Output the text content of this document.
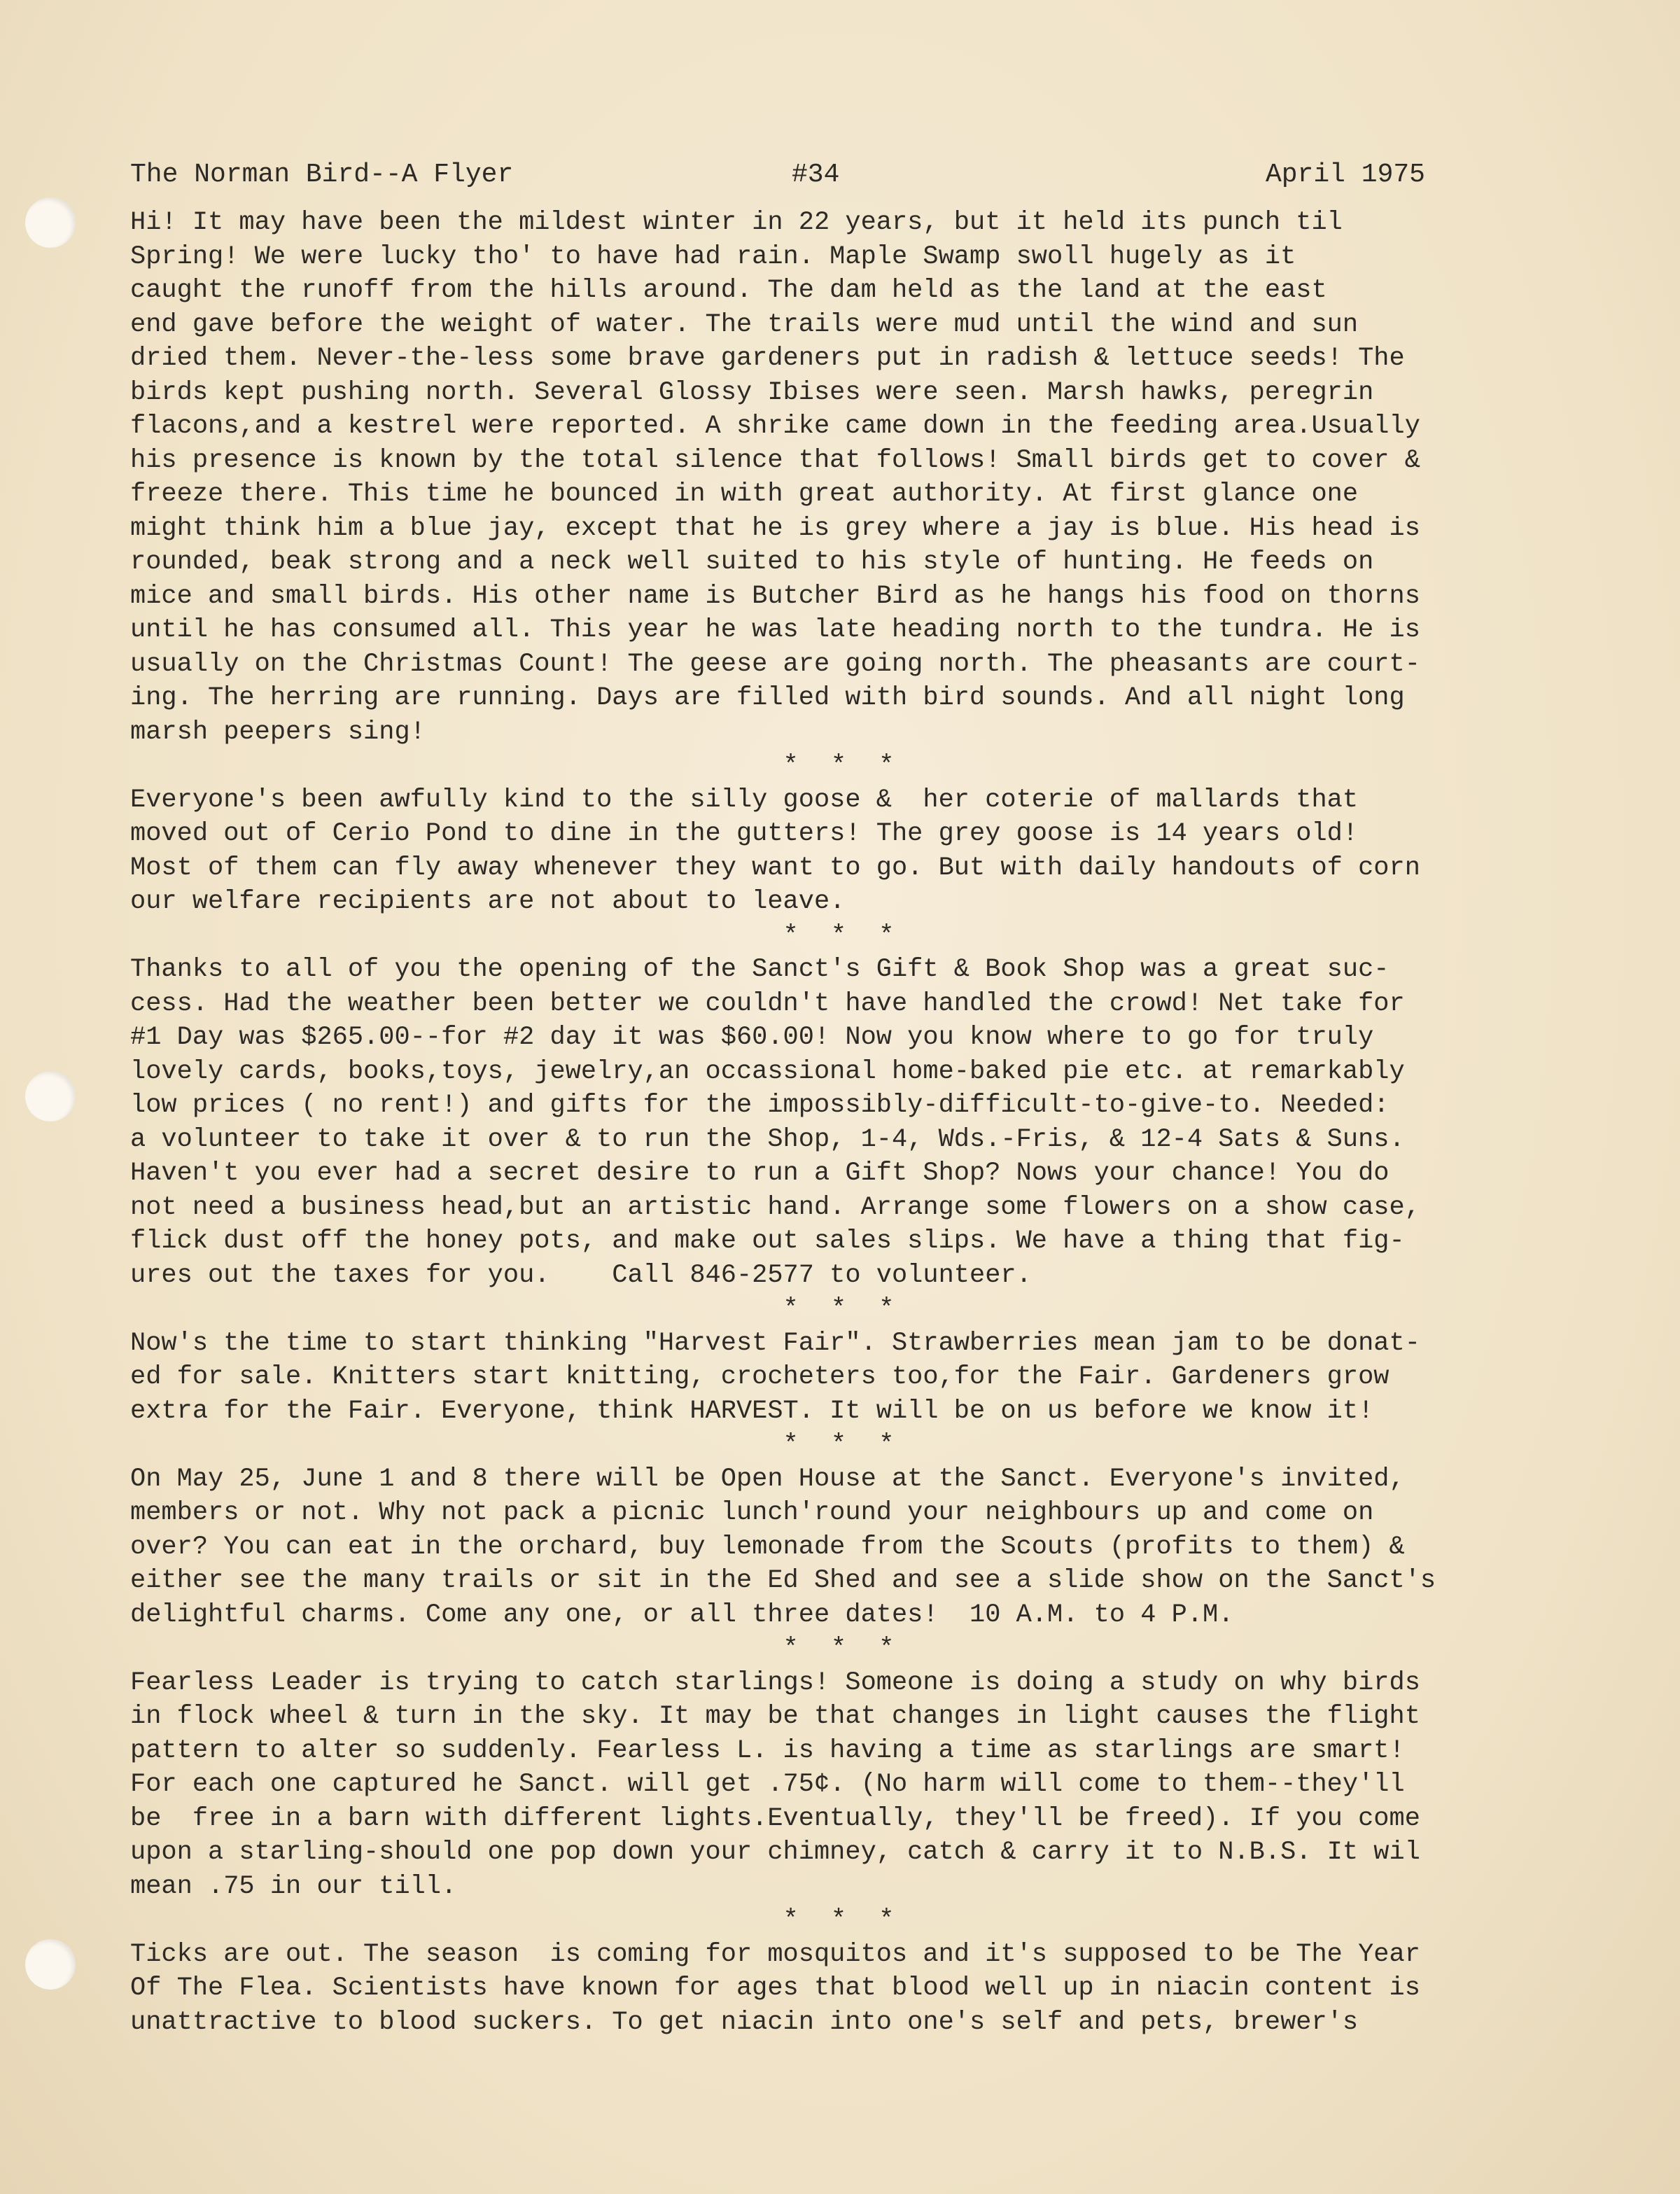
The Norman Bird--A Flyer	#34	April 1975
Hi! It may have been the mildest winter in 22 years, but it held its punch til
Spring! We were lucky tho' to have had rain. Maple Swamp swoll hugely as it
caught the runoff from the hills around. The dam held as the land at the east
end gave before the weight of water. The trails were mud until the wind and sun
dried them. Never-the-less some brave gardeners put in radish & lettuce seeds! The
birds kept pushing north. Several Glossy Ibises were seen. Marsh hawks, peregrin
flacons,and a kestrel were reported. A shrike came down in the feeding area.Usually
his presence is known by the total silence that follows! Small birds get to cover &
freeze there. This time he bounced in with great authority. At first glance one
might think him a blue jay, except that he is grey where a jay is blue. His head is
rounded, beak strong and a neck well suited to his style of hunting. He feeds on
mice and small birds. His other name is Butcher Bird as he hangs his food on thorns
until he has consumed all. This year he was late heading north to the tundra. He is
usually on the Christmas Count! The geese are going north. The pheasants are court-
ing. The herring are running. Days are filled with bird sounds. And all night long
marsh peepers sing!
* * *
Everyone's been awfully kind to the silly goose &  her coterie of mallards that
moved out of Cerio Pond to dine in the gutters! The grey goose is 14 years old!
Most of them can fly away whenever they want to go. But with daily handouts of corn
our welfare recipients are not about to leave.
* * *
Thanks to all of you the opening of the Sanct's Gift & Book Shop was a great suc-
cess. Had the weather been better we couldn't have handled the crowd! Net take for
#1 Day was $265.00--for #2 day it was $60.00! Now you know where to go for truly
lovely cards, books,toys, jewelry,an occassional home-baked pie etc. at remarkably
low prices ( no rent!) and gifts for the impossibly-difficult-to-give-to. Needed:
a volunteer to take it over & to run the Shop, 1-4, Wds.-Fris, & 12-4 Sats & Suns.
Haven't you ever had a secret desire to run a Gift Shop? Nows your chance! You do
not need a business head,but an artistic hand. Arrange some flowers on a show case,
flick dust off the honey pots, and make out sales slips. We have a thing that fig-
ures out the taxes for you.    Call 846-2577 to volunteer.
* * *
Now's the time to start thinking "Harvest Fair". Strawberries mean jam to be donat-
ed for sale. Knitters start knitting, crocheters too,for the Fair. Gardeners grow
extra for the Fair. Everyone, think HARVEST. It will be on us before we know it!
* * *
On May 25, June 1 and 8 there will be Open House at the Sanct. Everyone's invited,
members or not. Why not pack a picnic lunch'round your neighbours up and come on
over? You can eat in the orchard, buy lemonade from the Scouts (profits to them) &
either see the many trails or sit in the Ed Shed and see a slide show on the Sanct's
delightful charms. Come any one, or all three dates!  10 A.M. to 4 P.M.
* * *
Fearless Leader is trying to catch starlings! Someone is doing a study on why birds
in flock wheel & turn in the sky. It may be that changes in light causes the flight
pattern to alter so suddenly. Fearless L. is having a time as starlings are smart!
For each one captured he Sanct. will get .75¢. (No harm will come to them--they'll
be  free in a barn with different lights.Eventually, they'll be freed). If you come
upon a starling-should one pop down your chimney, catch & carry it to N.B.S. It wil
mean .75 in our till.
* * *
Ticks are out. The season  is coming for mosquitos and it's supposed to be The Year
Of The Flea. Scientists have known for ages that blood well up in niacin content is
unattractive to blood suckers. To get niacin into one's self and pets, brewer's
